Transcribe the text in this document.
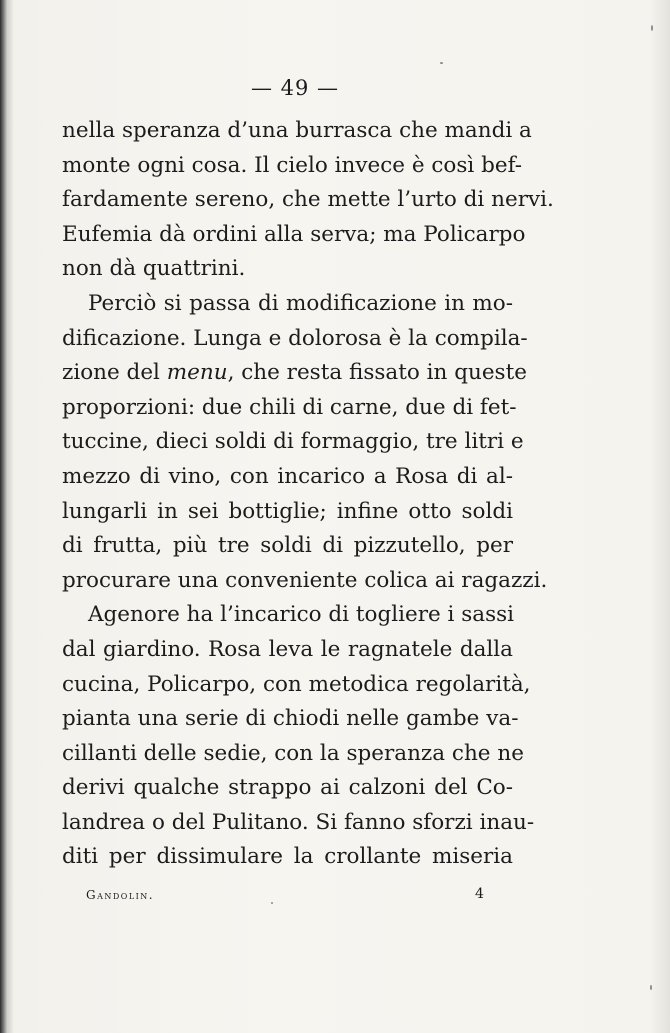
— 49 —
nella speranza d’una burrasca che mandi a
monte ogni cosa. Il cielo invece è così bef-
fardamente sereno, che mette l’urto di nervi.
Eufemia dà ordini alla serva; ma Policarpo
non dà quattrini.
Perciò si passa di modificazione in mo-
dificazione. Lunga e dolorosa è la compila-
zione del menu, che resta fissato in queste
proporzioni: due chili di carne, due di fet-
tuccine, dieci soldi di formaggio, tre litri e
mezzo di vino, con incarico a Rosa di al-
lungarli in sei bottiglie; infine otto soldi
di frutta, più tre soldi di pizzutello, per
procurare una conveniente colica ai ragazzi.
Agenore ha l’incarico di togliere i sassi
dal giardino. Rosa leva le ragnatele dalla
cucina, Policarpo, con metodica regolarità,
pianta una serie di chiodi nelle gambe va-
cillanti delle sedie, con la speranza che ne
derivi qualche strappo ai calzoni del Co-
landrea o del Pulitano. Si fanno sforzi inau-
diti per dissimulare la crollante miseria
Gandolin.	4
